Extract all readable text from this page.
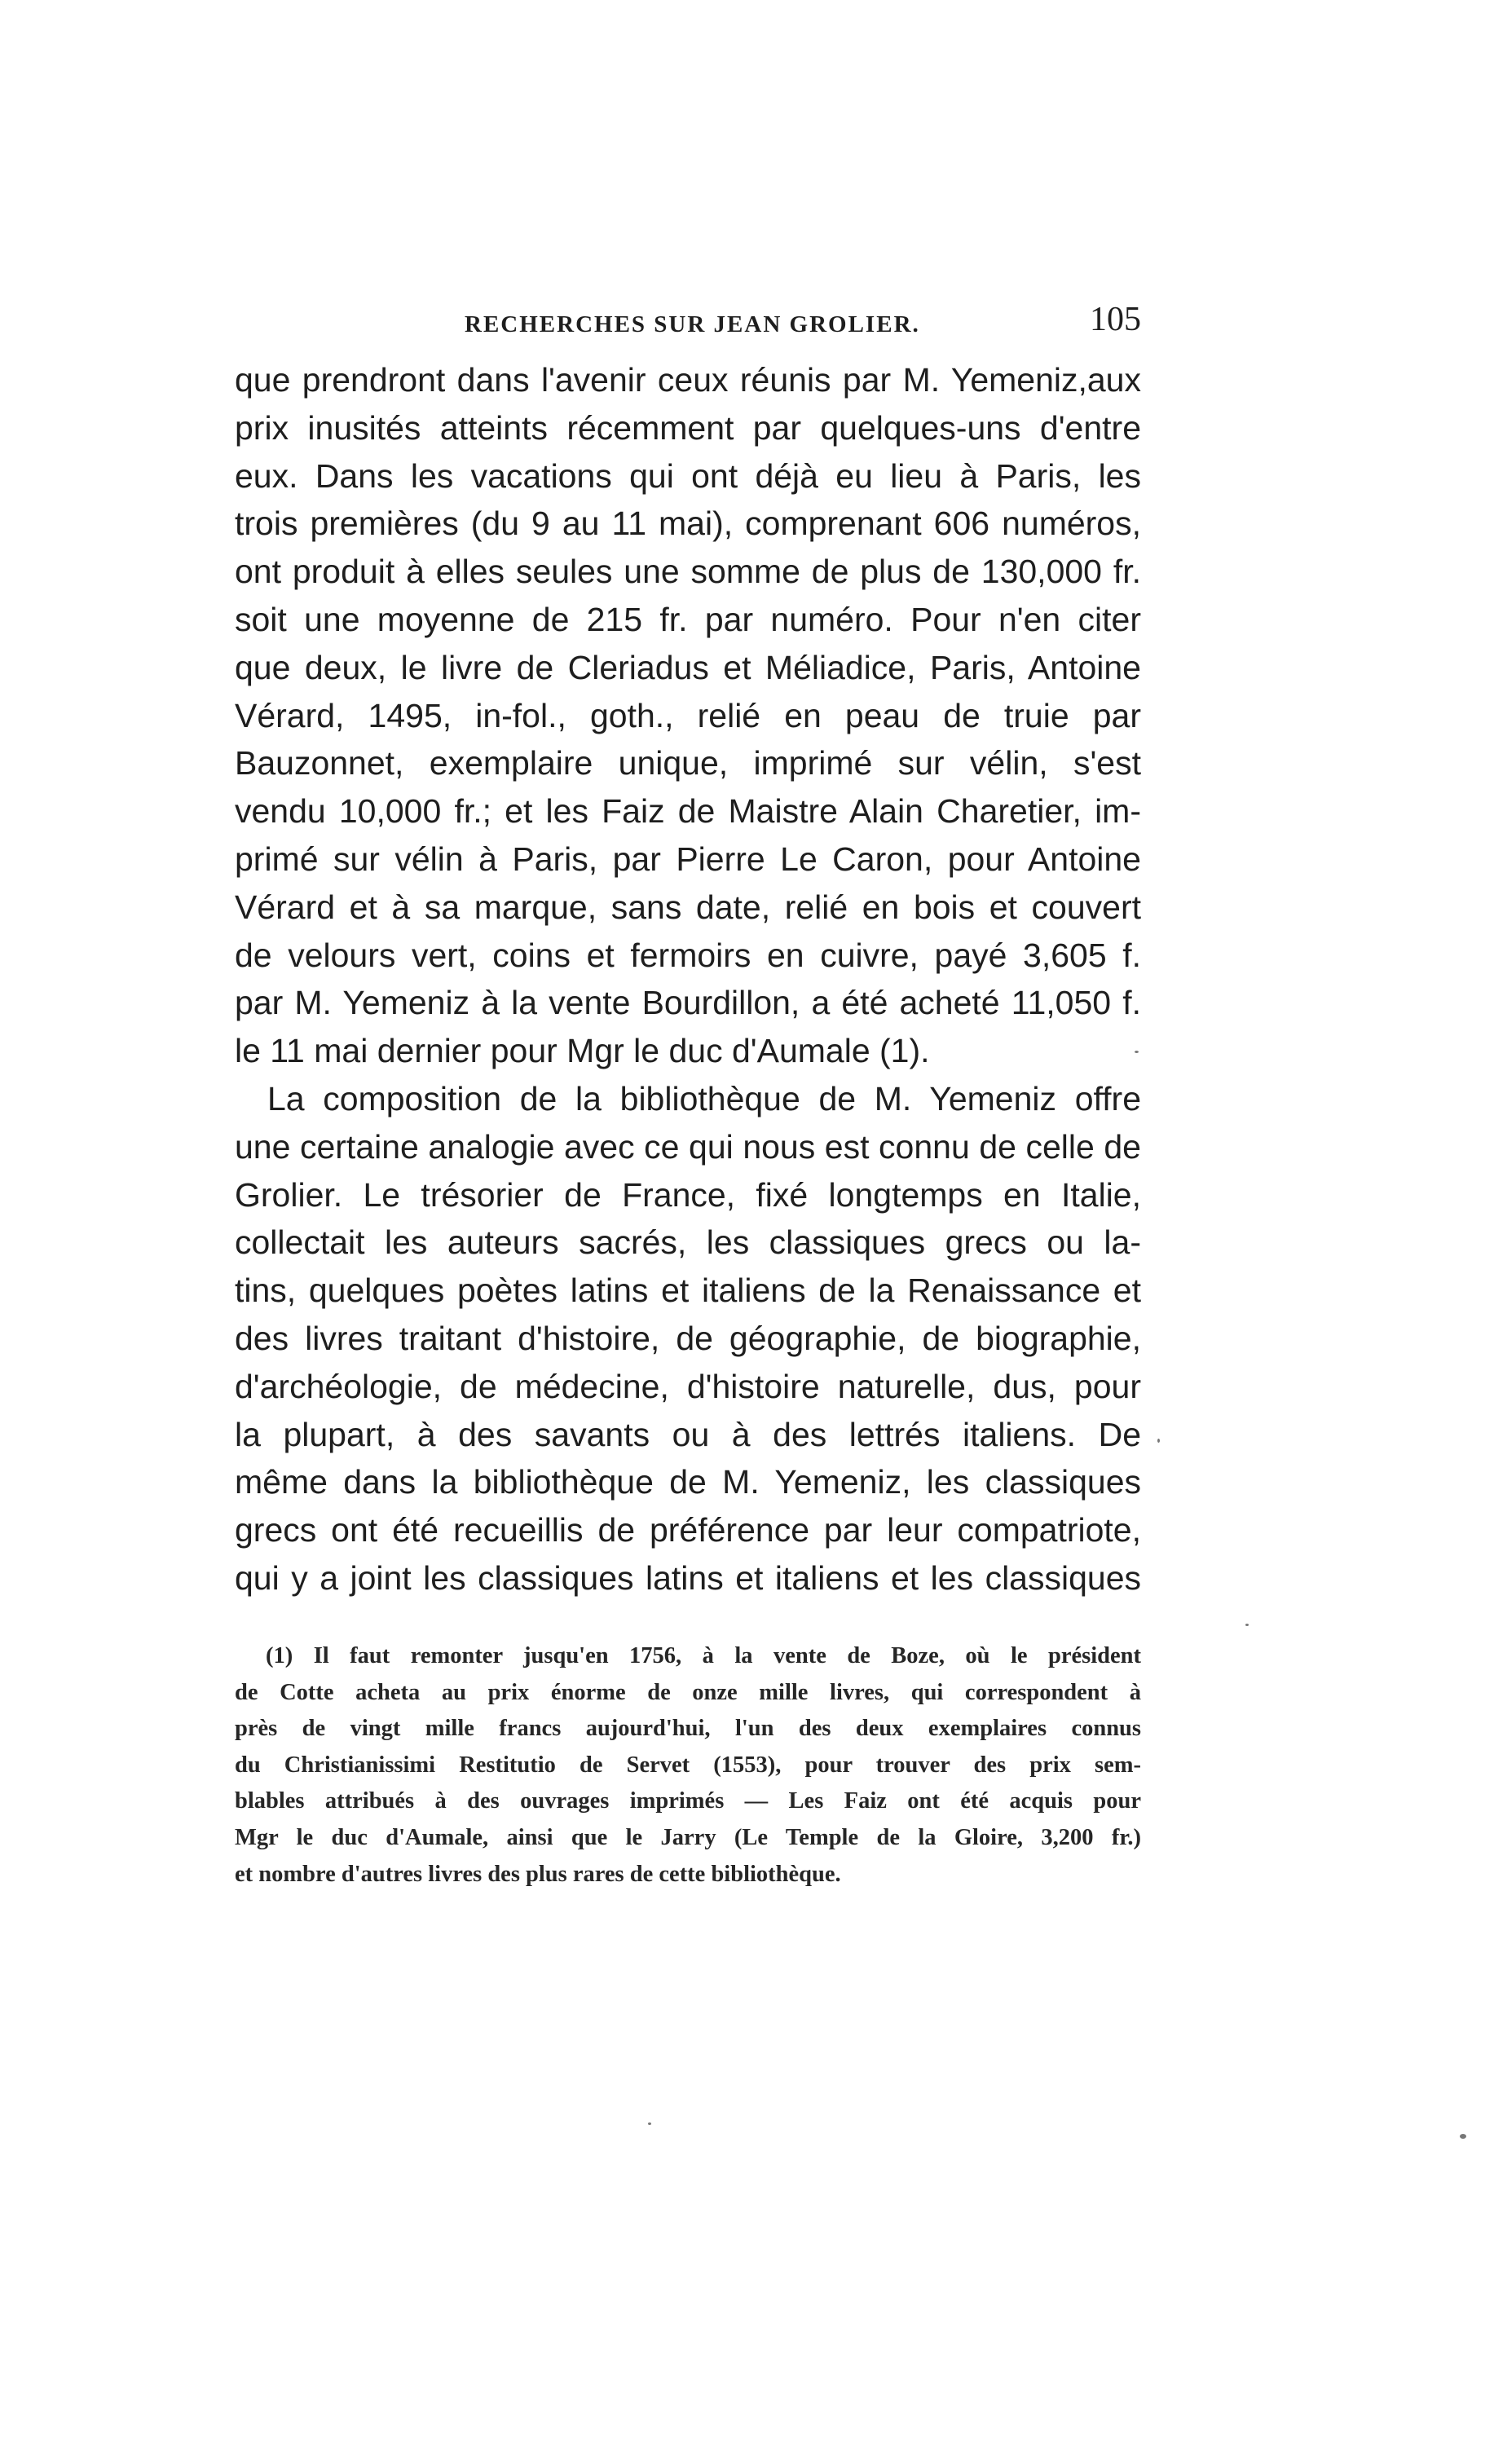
RECHERCHES SUR JEAN GROLIER.	105
que prendront dans l'avenir ceux réunis par M. Yemeniz,aux
prix inusités atteints récemment par quelques-uns d'entre
eux. Dans les vacations qui ont déjà eu lieu à Paris, les
trois premières (du 9 au 11 mai), comprenant 606 numéros,
ont produit à elles seules une somme de plus de 130,000 fr.
soit une moyenne de 215 fr. par numéro. Pour n'en citer
que deux, le livre de Cleriadus et Méliadice, Paris, Antoine
Vérard, 1495, in-fol., goth., relié en peau de truie par
Bauzonnet, exemplaire unique, imprimé sur vélin, s'est
vendu 10,000 fr.; et les Faiz de Maistre Alain Charetier, im-
primé sur vélin à Paris, par Pierre Le Caron, pour Antoine
Vérard et à sa marque, sans date, relié en bois et couvert
de velours vert, coins et fermoirs en cuivre, payé 3,605 f.
par M. Yemeniz à la vente Bourdillon, a été acheté 11,050 f.
le 11 mai dernier pour Mgr le duc d'Aumale (1).
La composition de la bibliothèque de M. Yemeniz offre
une certaine analogie avec ce qui nous est connu de celle de
Grolier. Le trésorier de France, fixé longtemps en Italie,
collectait les auteurs sacrés, les classiques grecs ou la-
tins, quelques poètes latins et italiens de la Renaissance et
des livres traitant d'histoire, de géographie, de biographie,
d'archéologie, de médecine, d'histoire naturelle, dus, pour
la plupart, à des savants ou à des lettrés italiens. De
même dans la bibliothèque de M. Yemeniz, les classiques
grecs ont été recueillis de préférence par leur compatriote,
qui y a joint les classiques latins et italiens et les classiques
(1) Il faut remonter jusqu'en 1756, à la vente de Boze, où le président
de Cotte acheta au prix énorme de onze mille livres, qui correspondent à
près de vingt mille francs aujourd'hui, l'un des deux exemplaires connus
du Christianissimi Restitutio de Servet (1553), pour trouver des prix sem-
blables attribués à des ouvrages imprimés — Les Faiz ont été acquis pour
Mgr le duc d'Aumale, ainsi que le Jarry (Le Temple de la Gloire, 3,200 fr.)
et nombre d'autres livres des plus rares de cette bibliothèque.
